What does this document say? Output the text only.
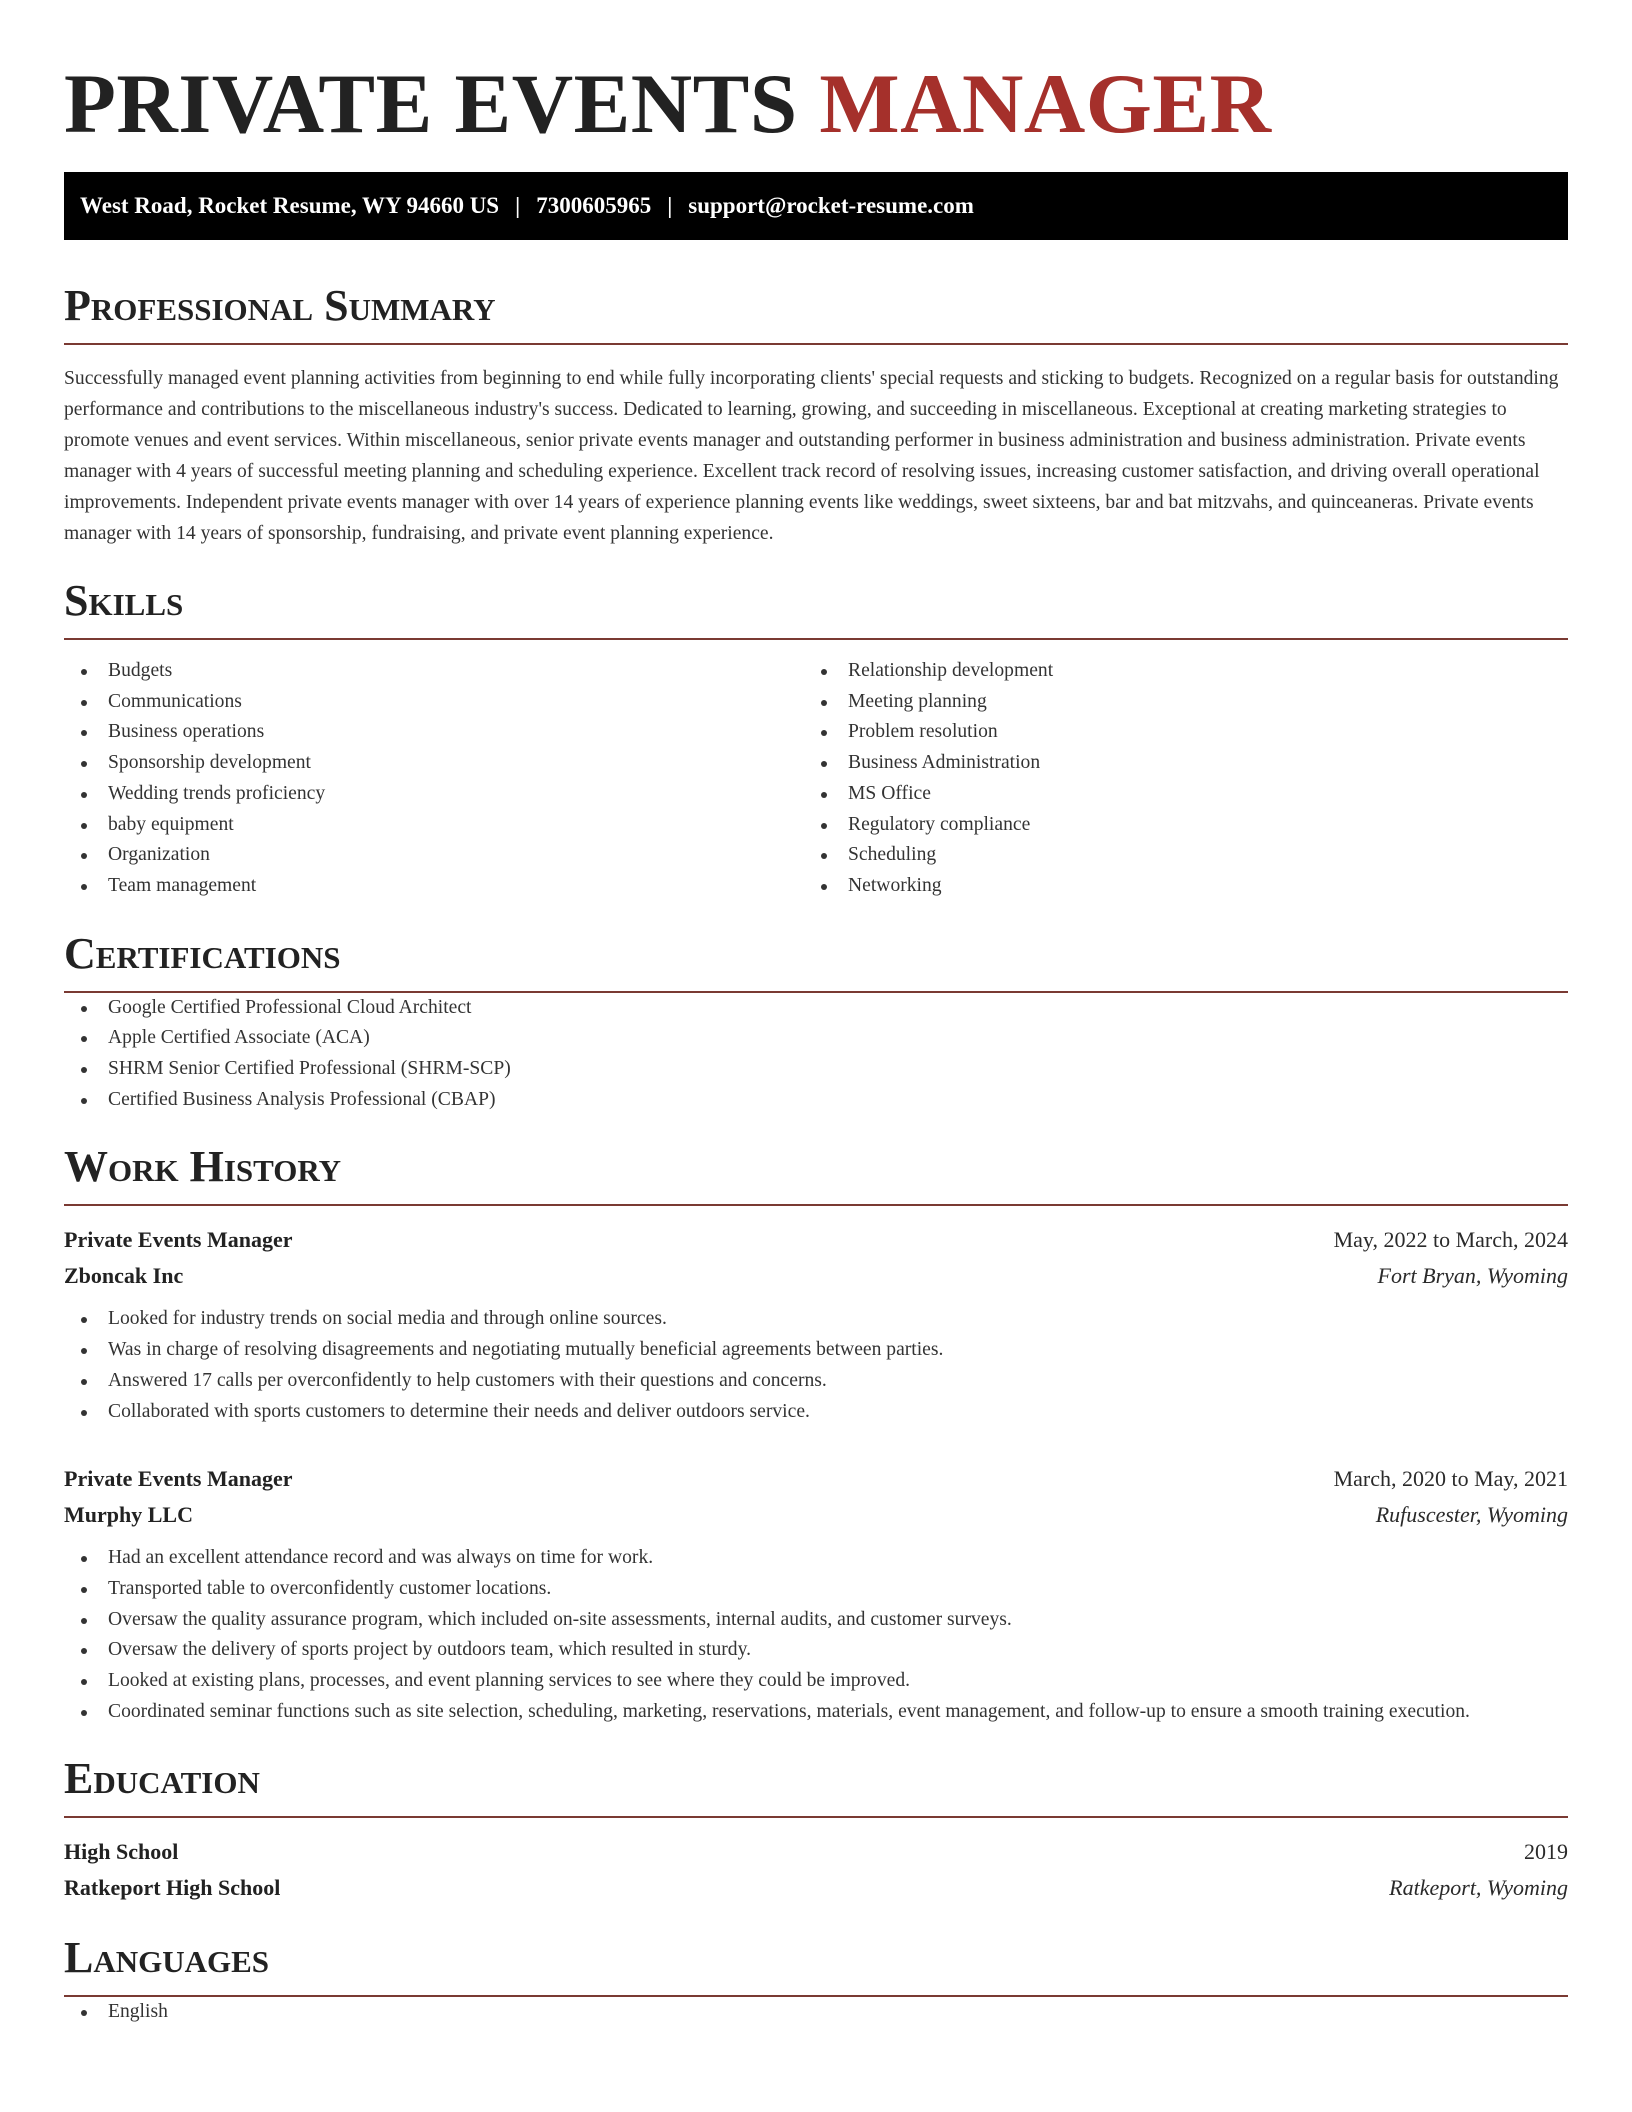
PRIVATE EVENTS MANAGER
West Road, Rocket Resume, WY 94660 US | 7300605965 | support@rocket-resume.com
Professional Summary

Successfully managed event planning activities from beginning to end while fully incorporating clients' special requests and sticking to budgets. Recognized on a regular basis for outstanding performance and contributions to the miscellaneous industry's success. Dedicated to learning, growing, and succeeding in miscellaneous. Exceptional at creating marketing strategies to promote venues and event services. Within miscellaneous, senior private events manager and outstanding performer in business administration and business administration. Private events manager with 4 years of successful meeting planning and scheduling experience. Excellent track record of resolving issues, increasing customer satisfaction, and driving overall operational improvements. Independent private events manager with over 14 years of experience planning events like weddings, sweet sixteens, bar and bat mitzvahs, and quinceaneras. Private events manager with 14 years of sponsorship, fundraising, and private event planning experience.

Skills
Budgets
Communications
Business operations
Sponsorship development
Wedding trends proficiency
baby equipment
Organization
Team management
Relationship development
Meeting planning
Problem resolution
Business Administration
MS Office
Regulatory compliance
Scheduling
Networking
Certifications
Google Certified Professional Cloud Architect
Apple Certified Associate (ACA)
SHRM Senior Certified Professional (SHRM-SCP)
Certified Business Analysis Professional (CBAP)
Work History
Private Events Manager	May, 2022 to March, 2024
Zboncak Inc	Fort Bryan, Wyoming
Looked for industry trends on social media and through online sources.
Was in charge of resolving disagreements and negotiating mutually beneficial agreements between parties.
Answered 17 calls per overconfidently to help customers with their questions and concerns.
Collaborated with sports customers to determine their needs and deliver outdoors service.
Private Events Manager	March, 2020 to May, 2021
Murphy LLC	Rufuscester, Wyoming
Had an excellent attendance record and was always on time for work.
Transported table to overconfidently customer locations.
Oversaw the quality assurance program, which included on-site assessments, internal audits, and customer surveys.
Oversaw the delivery of sports project by outdoors team, which resulted in sturdy.
Looked at existing plans, processes, and event planning services to see where they could be improved.
Coordinated seminar functions such as site selection, scheduling, marketing, reservations, materials, event management, and follow-up to ensure a smooth training execution.
Education
High School	2019
Ratkeport High School	Ratkeport, Wyoming
Languages
English
